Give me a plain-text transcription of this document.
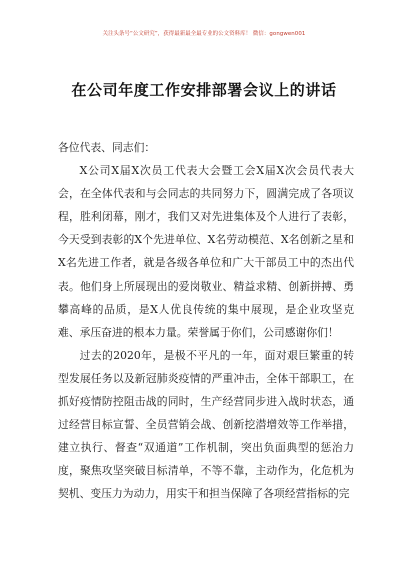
关注头条号“公文研究”，获得最新最全最专业的公文资料库！ 微信：gongwen001
在公司年度工作安排部署会议上的讲话

各位代表、同志们：

X公司X届X次员工代表大会暨工会X届X次会员代表大会，在全体代表和与会同志的共同努力下，圆满完成了各项议程，胜利闭幕，刚才，我们又对先进集体及个人进行了表彰，今天受到表彰的X个先进单位、X名劳动模范、X名创新之星和X名先进工作者，就是各级各单位和广大干部员工中的杰出代表。他们身上所展现出的爱岗敬业、精益求精、创新拼搏、勇攀高峰的品质，是X人优良传统的集中展现，是企业攻坚克难、承压奋进的根本力量。荣誉属于你们，公司感谢你们！

过去的2020年，是极不平凡的一年，面对艰巨繁重的转型发展任务以及新冠肺炎疫情的严重冲击，全体干部职工，在抓好疫情防控阻击战的同时，生产经营同步进入战时状态，通过经营目标宣誓、全员营销会战、创新挖潜增效等工作举措，建立执行、督查“双通道”工作机制，突出负面典型的惩治力度，聚焦攻坚突破目标清单，不等不靠，主动作为，化危机为契机、变压力为动力，用实干和担当保障了各项经营指标的完
